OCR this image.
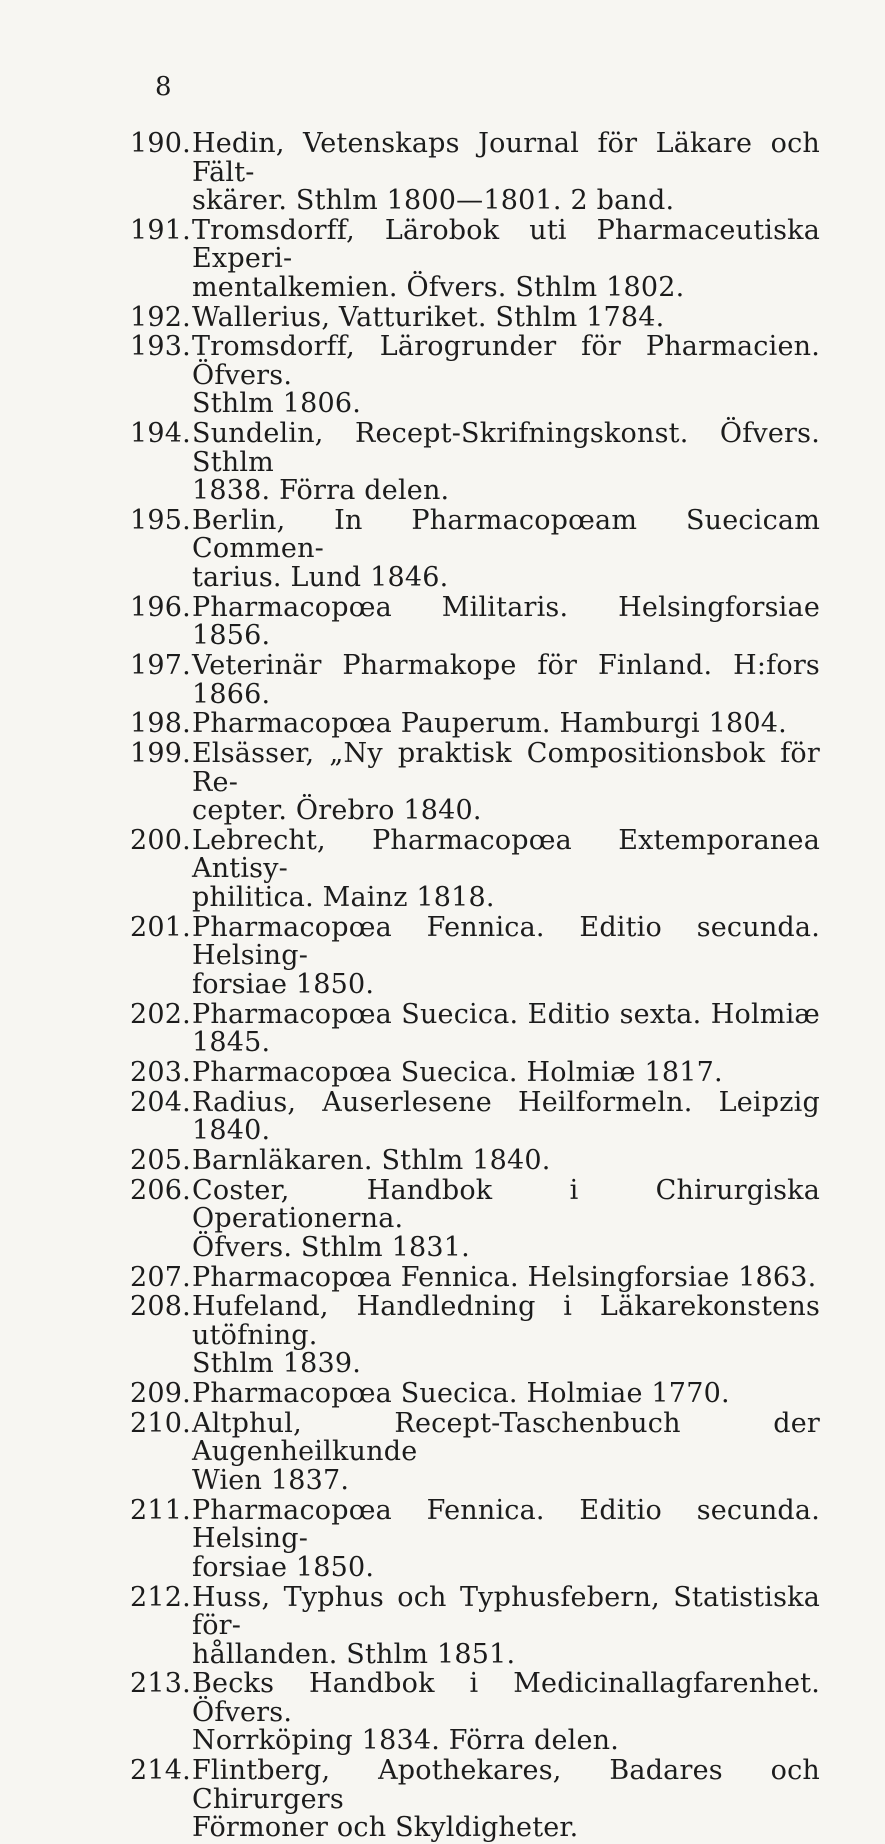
8
190. Hedin, Vetenskaps Journal för Läkare och Fält-
skärer. Sthlm 1800—1801. 2 band.
191. Tromsdorff, Lärobok uti Pharmaceutiska Experi-
mentalkemien. Öfvers. Sthlm 1802.
192. Wallerius, Vatturiket. Sthlm 1784.
193. Tromsdorff, Lärogrunder för Pharmacien. Öfvers.
Sthlm 1806.
194. Sundelin, Recept-Skrifningskonst. Öfvers. Sthlm
1838. Förra delen.
195. Berlin, In Pharmacopœam Suecicam Commen-
tarius. Lund 1846.
196. Pharmacopœa Militaris. Helsingforsiae 1856.
197. Veterinär Pharmakope för Finland. H:fors 1866.
198. Pharmacopœa Pauperum. Hamburgi 1804.
199. Elsässer, „Ny praktisk Compositionsbok för Re-
cepter. Örebro 1840.
200. Lebrecht, Pharmacopœa Extemporanea Antisy-
philitica. Mainz 1818.
201. Pharmacopœa Fennica. Editio secunda. Helsing-
forsiae 1850.
202. Pharmacopœa Suecica. Editio sexta. Holmiæ 1845.
203. Pharmacopœa Suecica. Holmiæ 1817.
204. Radius, Auserlesene Heilformeln. Leipzig 1840.
205. Barnläkaren. Sthlm 1840.
206. Coster, Handbok i Chirurgiska Operationerna.
Öfvers. Sthlm 1831.
207. Pharmacopœa Fennica. Helsingforsiae 1863.
208. Hufeland, Handledning i Läkarekonstens utöfning.
Sthlm 1839.
209. Pharmacopœa Suecica. Holmiae 1770.
210. Altphul, Recept-Taschenbuch der Augenheilkunde
Wien 1837.
211. Pharmacopœa Fennica. Editio secunda. Helsing-
forsiae 1850.
212. Huss, Typhus och Typhusfebern, Statistiska för-
hållanden. Sthlm 1851.
213. Becks Handbok i Medicinallagfarenhet. Öfvers.
Norrköping 1834. Förra delen.
214. Flintberg, Apothekares, Badares och Chirurgers
Förmoner och Skyldigheter.
